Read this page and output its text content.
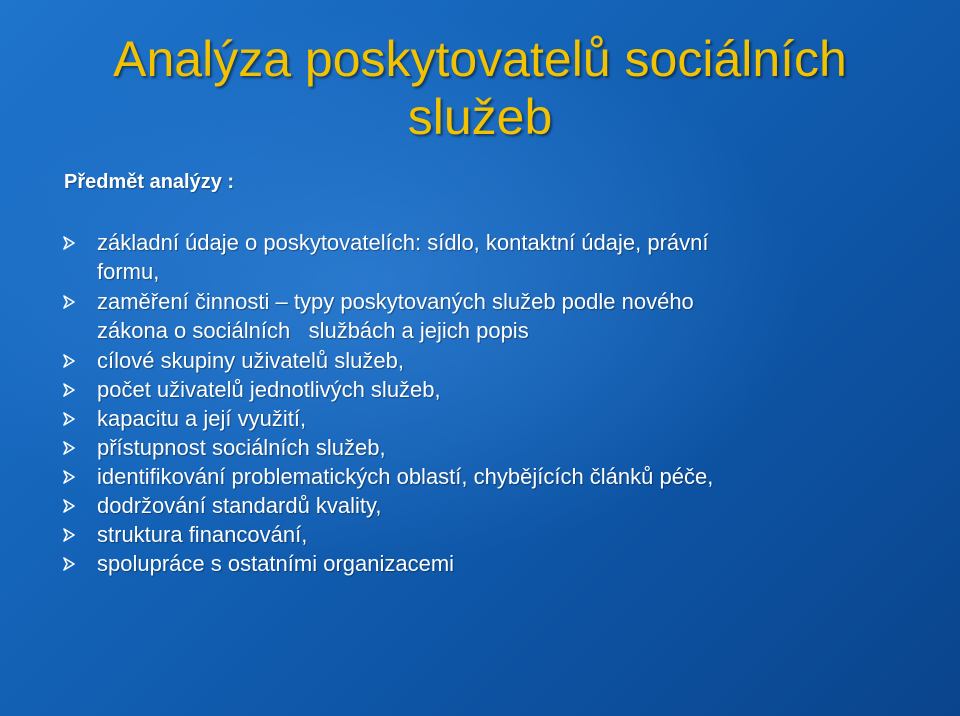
Analýza poskytovatelů sociálních
služeb
Předmět analýzy :
základní údaje o poskytovatelích: sídlo, kontaktní údaje, právní
formu,
zaměření činnosti – typy poskytovaných služeb podle nového
zákona o sociálních   službách a jejich popis
cílové skupiny uživatelů služeb,
počet uživatelů jednotlivých služeb,
kapacitu a její využití,
přístupnost sociálních služeb,
identifikování problematických oblastí, chybějících článků péče,
dodržování standardů kvality,
struktura financování,
spolupráce s ostatními organizacemi
